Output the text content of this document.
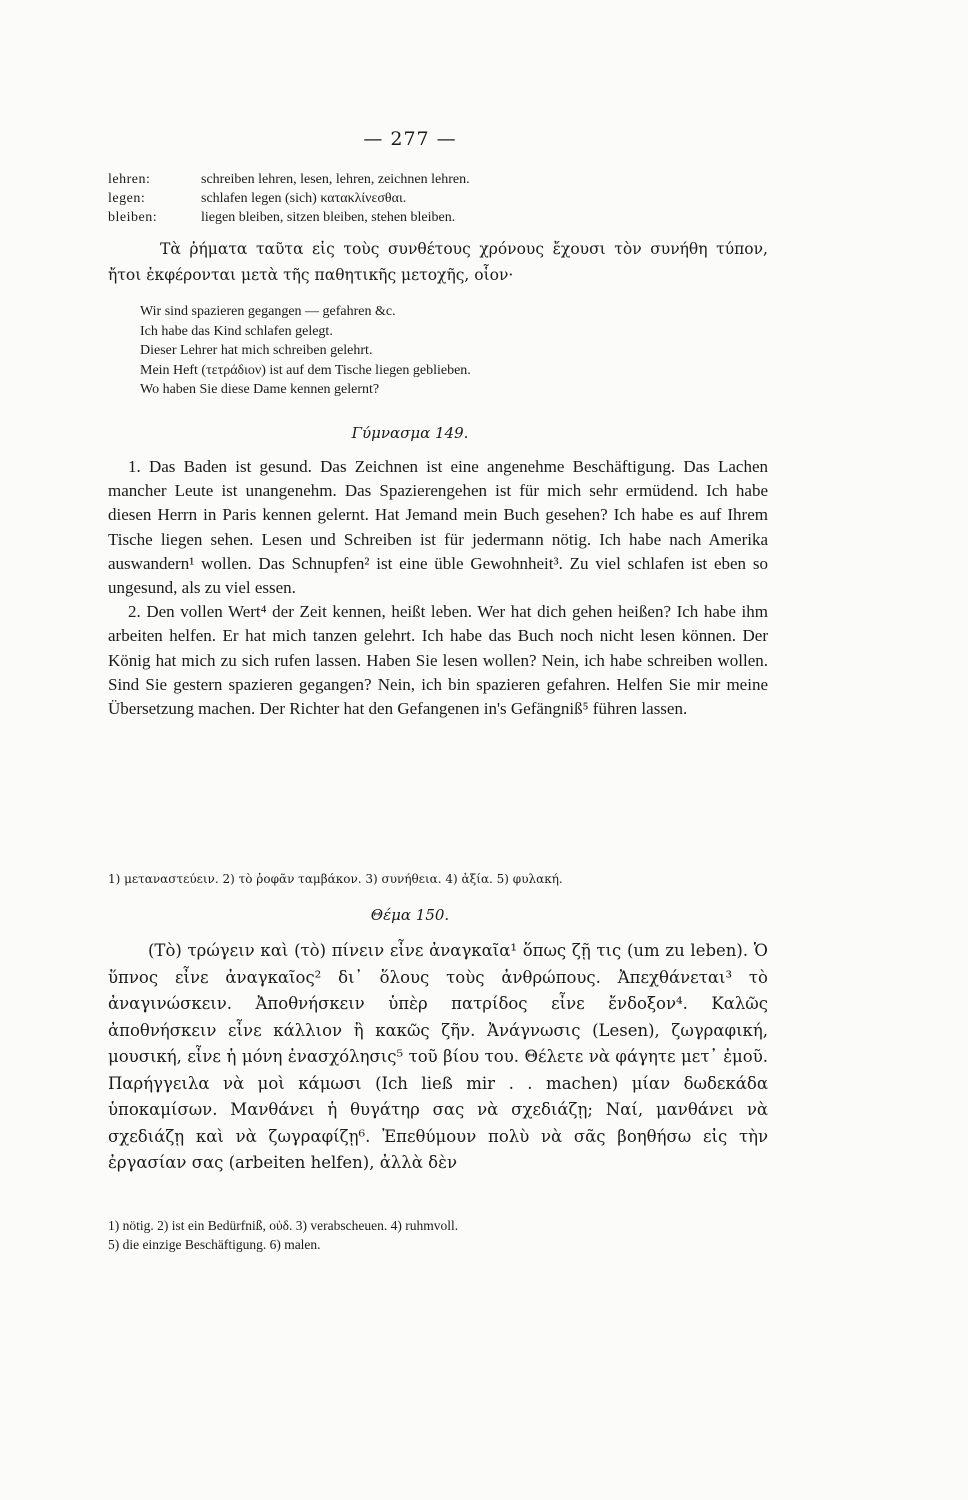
— 277 —
lehren:	schreiben lehren, lesen, lehren, zeichnen lehren.
legen:	schlafen legen (sich) κατακλίνεσθαι.
bleiben:	liegen bleiben, sitzen bleiben, stehen bleiben.
Τὰ ῥήματα ταῦτα εἰς τοὺς συνθέτους χρόνους ἔχουσι τὸν συνήθη τύπον, ἤτοι ἐκφέρονται μετὰ τῆς παθητικῆς μετοχῆς, οἷον·
Wir sind spazieren gegangen — gefahren &c.
Ich habe das Kind schlafen gelegt.
Dieser Lehrer hat mich schreiben gelehrt.
Mein Heft (τετράδιον) ist auf dem Tische liegen geblieben.
Wo haben Sie diese Dame kennen gelernt?
Γύμνασμα 149.

1. Das Baden ist gesund. Das Zeichnen ist eine angenehme Beschäftigung. Das Lachen mancher Leute ist unangenehm. Das Spazierengehen ist für mich sehr ermüdend. Ich habe diesen Herrn in Paris kennen gelernt. Hat Jemand mein Buch gesehen? Ich habe es auf Ihrem Tische liegen sehen. Lesen und Schreiben ist für jedermann nötig. Ich habe nach Amerika auswandern¹ wollen. Das Schnupfen² ist eine üble Gewohnheit³. Zu viel schlafen ist eben so ungesund, als zu viel essen.

2. Den vollen Wert⁴ der Zeit kennen, heißt leben. Wer hat dich gehen heißen? Ich habe ihm arbeiten helfen. Er hat mich tanzen gelehrt. Ich habe das Buch noch nicht lesen können. Der König hat mich zu sich rufen lassen. Haben Sie lesen wollen? Nein, ich habe schreiben wollen. Sind Sie gestern spazieren gegangen? Nein, ich bin spazieren gefahren. Helfen Sie mir meine Übersetzung machen. Der Richter hat den Gefangenen in's Gefängniß⁵ führen lassen.

1) μεταναστεύειν. 2) τὸ ῥοφᾶν ταμβάκον. 3) συνήθεια. 4) ἀξία. 5) φυλακή.
Θέμα 150.

(Τὸ) τρώγειν καὶ (τὸ) πίνειν εἶνε ἀναγκαῖα¹ ὅπως ζῇ τις (um zu leben). Ὁ ὕπνος εἶνε ἀναγκαῖος² δι᾽ ὅλους τοὺς ἀνθρώπους. Ἀπεχθάνεται³ τὸ ἀναγινώσκειν. Ἀποθνήσκειν ὑπὲρ πατρίδος εἶνε ἔνδοξον⁴. Καλῶς ἀποθνήσκειν εἶνε κάλλιον ἢ κακῶς ζῆν. Ἀνάγνωσις (Lesen), ζωγραφική, μουσική, εἶνε ἡ μόνη ἐνασχόλησις⁵ τοῦ βίου του. Θέλετε νὰ φάγητε μετ᾽ ἐμοῦ. Παρήγγειλα νὰ μοὶ κάμωσι (Ich ließ mir . . machen) μίαν δωδεκάδα ὑποκαμίσων. Μανθάνει ἡ θυγάτηρ σας νὰ σχεδιάζῃ; Ναί, μανθάνει νὰ σχεδιάζῃ καὶ νὰ ζωγραφίζῃ⁶. Ἐπεθύμουν πολὺ νὰ σᾶς βοηθήσω εἰς τὴν ἐργασίαν σας (arbeiten helfen), ἀλλὰ δὲν

1) nötig. 2) ist ein Bedürfniß, οὐδ. 3) verabscheuen. 4) ruhmvoll.
5) die einzige Beschäftigung. 6) malen.
